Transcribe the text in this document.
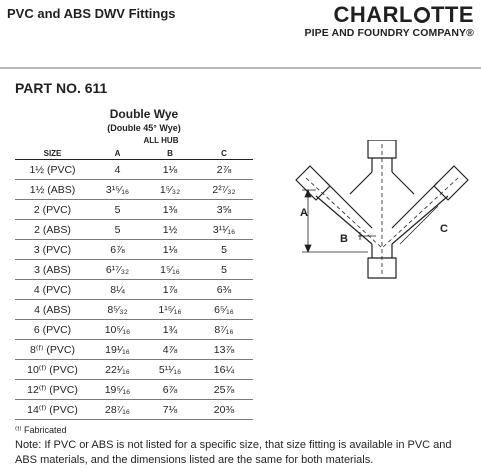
PVC and ABS DWV Fittings	CHARL TTE
PIPE AND FOUNDRY COMPANY®
PART NO. 611
Double Wye
(Double 45° Wye)
ALL HUB
SIZE	A	B	C
1½ (PVC)	4	1⅛	2⅞
1½ (ABS)	3¹⁵⁄₁₆	1⁵⁄₃₂	2²⁷⁄₃₂
2 (PVC)	5	1⅜	3⅝
2 (ABS)	5	1½	3¹¹⁄₁₆
3 (PVC)	6⅞	1⅛	5
3 (ABS)	6¹⁷⁄₃₂	1⁵⁄₁₆	5
4 (PVC)	8¼	1⅞	6⅜
4 (ABS)	8⁵⁄₃₂	1¹⁵⁄₁₆	6⁵⁄₁₆
6 (PVC)	10⁵⁄₁₆	1¾	8⁷⁄₁₆
8⁽ᶠ⁾ (PVC)	19¹⁄₁₆	4⅞	13⅞
10⁽ᶠ⁾ (PVC)	22¹⁄₁₆	5¹¹⁄₁₆	16¼
12⁽ᶠ⁾ (PVC)	19⁵⁄₁₆	6⅞	25⅞
14⁽ᶠ⁾ (PVC)	28⁷⁄₁₆	7⅛	20⅜
A
B
C
⁽ᶠ⁾ Fabricated
Note: If PVC or ABS is not listed for a specific size, that size fitting is available in PVC and ABS materials, and the dimensions listed are the same for both materials.
